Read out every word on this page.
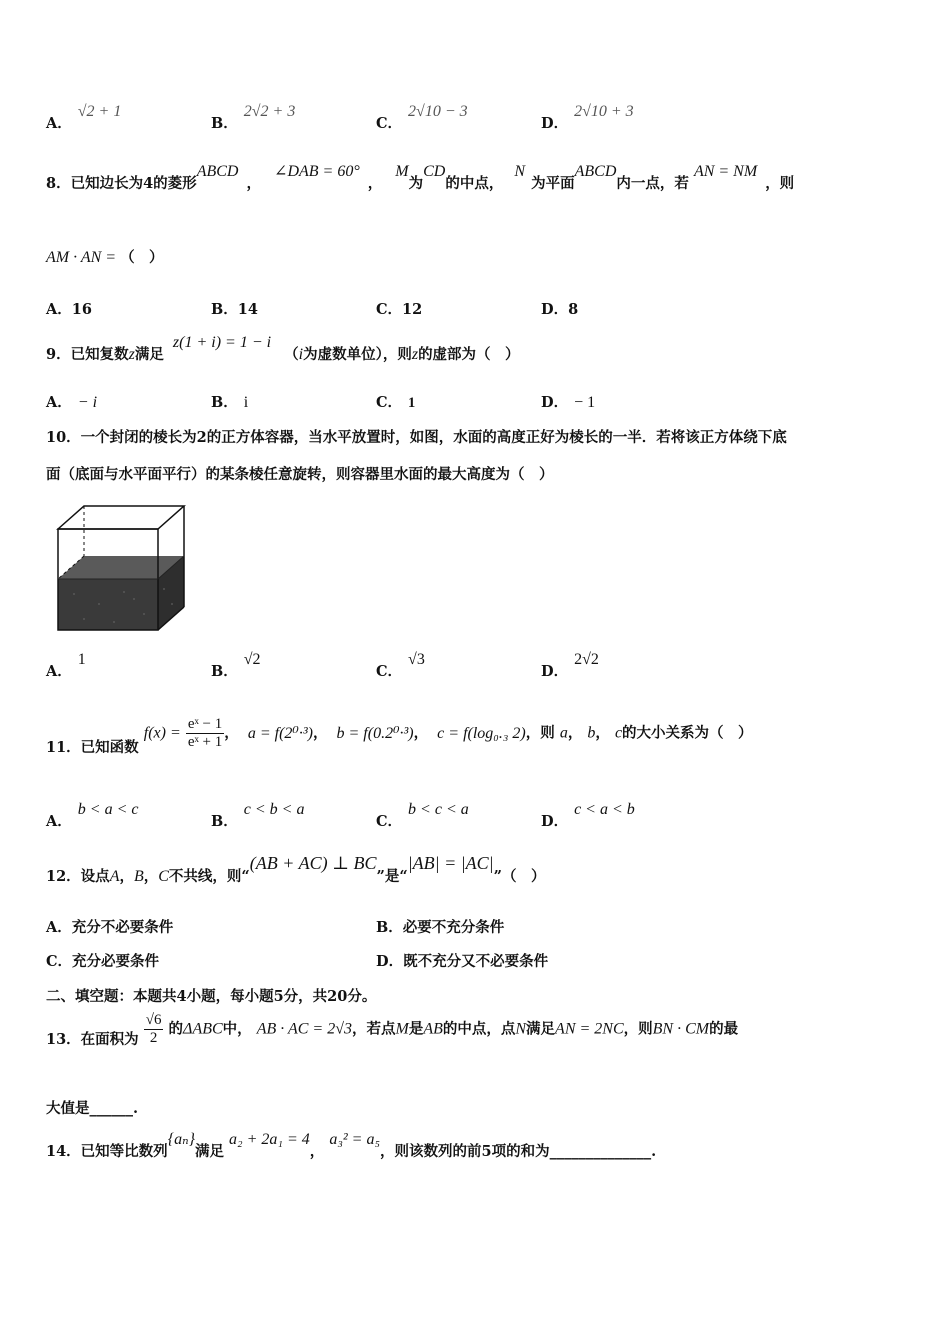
A．√2 + 1
B．2√2 + 3
C．2√10 − 3
D．2√10 + 3
8．已知边长为4的菱形ABCD， ∠DAB = 60°， M为CD的中点， N为平面ABCD内一点，若 AN = NM，则
AM · AN = （　）
A．16	B．14	C．12	D．8
9．已知复数z满足 z(1 + i) = 1 − i （i为虚数单位），则z的虚部为（　）
A． − i	B． i	C． 1	D． − 1
10．一个封闭的棱长为2的正方体容器，当水平放置时，如图，水面的高度正好为棱长的一半．若将该正方体绕下底
面（底面与水平面平行）的某条棱任意旋转，则容器里水面的最大高度为（　）
A．1
B．√2
C．√3
D．2√2
11．已知函数 $f(x) = \frac{\text{eˣ − 1}}{\text{eˣ + 1}}$ ， a = f(2⁰·³)， b = f(0.2⁰·³)， c = f(log₀.₃ 2)，则 a， b， c的大小关系为（　）
A．b < a < c
B．c < b < a
C．b < c < a
D．c < a < b
12．设点A，B，C不共线，则“(AB + AC) ⊥ BC”是“|AB| = |AC|”（　）
A．充分不必要条件	B．必要不充分条件
C．充分必要条件	D．既不充分又不必要条件
二、填空题：本题共4小题，每小题5分，共20分。
13．在面积为 $\frac{√6}{2}$ 的ΔABC中， AB · AC = 2√3，若点M是AB的中点，点N满足AN = 2NC，则BN · CM的最
大值是______.
14．已知等比数列{aₙ}满足 a₂ + 2a₁ = 4， a₃² = a₅，则该数列的前5项的和为______________.
